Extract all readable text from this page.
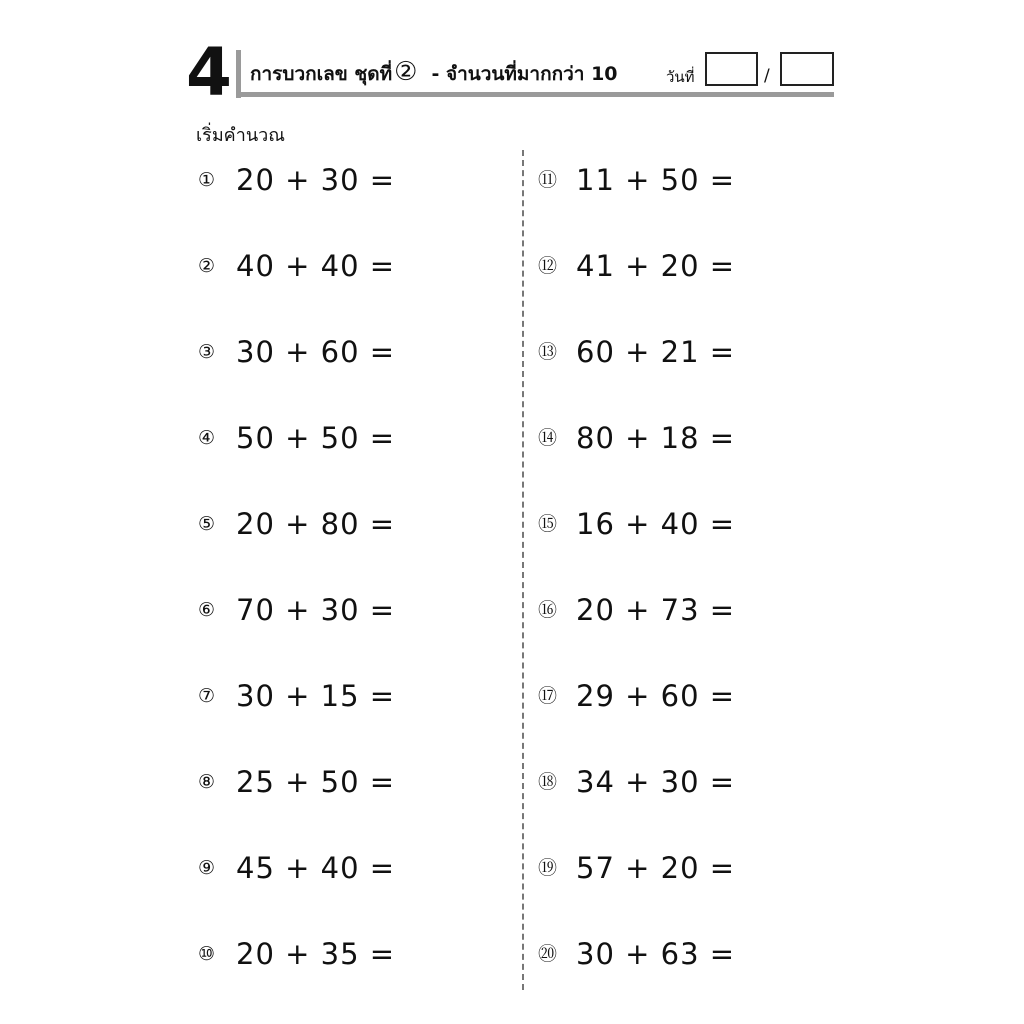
4 การบวกเลข ชุดที่② - จำนวนที่มากกว่า 10	วันที่	/
เริ่มคำนวณ
① 20 + 30 =
② 40 + 40 =
③ 30 + 60 =
④ 50 + 50 =
⑤ 20 + 80 =
⑥ 70 + 30 =
⑦ 30 + 15 =
⑧ 25 + 50 =
⑨ 45 + 40 =
⑩ 20 + 35 =
⑪ 11 + 50 =
⑫ 41 + 20 =
⑬ 60 + 21 =
⑭ 80 + 18 =
⑮ 16 + 40 =
⑯ 20 + 73 =
⑰ 29 + 60 =
⑱ 34 + 30 =
⑲ 57 + 20 =
⑳ 30 + 63 =
